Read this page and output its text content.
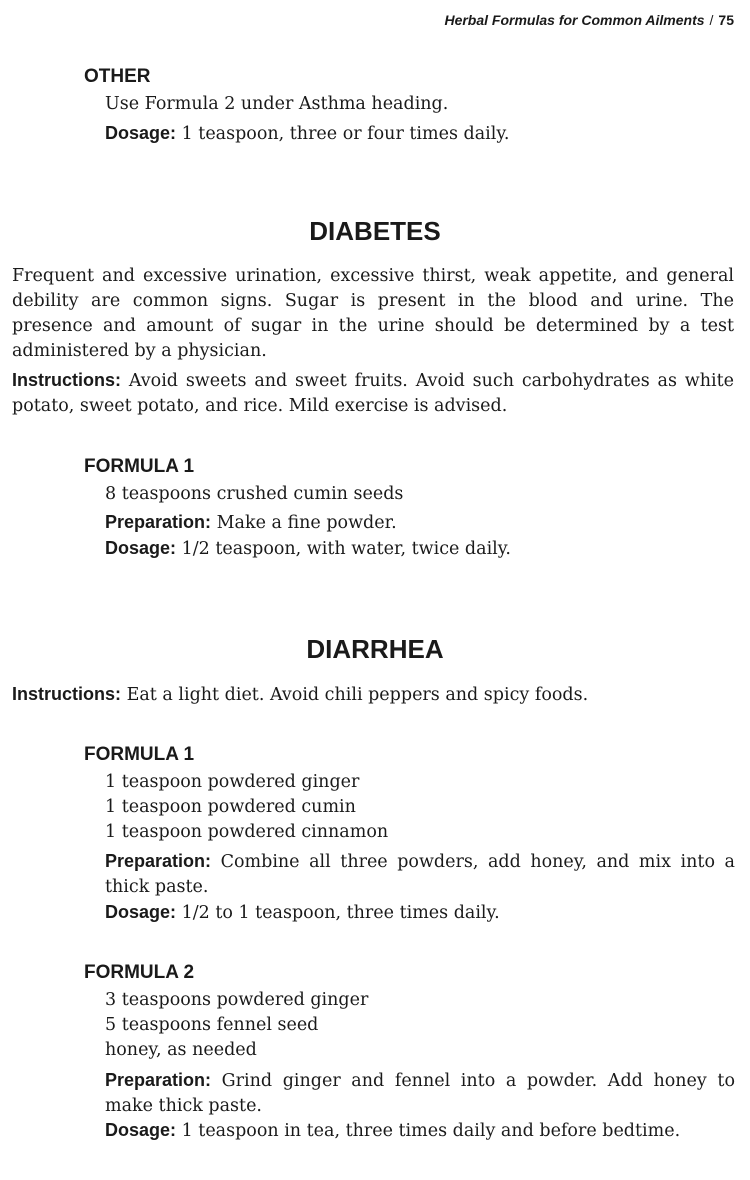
Herbal Formulas for Common Ailments / 75
OTHER
Use Formula 2 under Asthma heading.
Dosage: 1 teaspoon, three or four times daily.
DIABETES
Frequent and excessive urination, excessive thirst, weak appetite, and general debility are common signs. Sugar is present in the blood and urine. The presence and amount of sugar in the urine should be determined by a test administered by a physician.
Instructions: Avoid sweets and sweet fruits. Avoid such carbohydrates as white potato, sweet potato, and rice. Mild exercise is advised.
FORMULA 1
8 teaspoons crushed cumin seeds
Preparation: Make a fine powder.
Dosage: 1/2 teaspoon, with water, twice daily.
DIARRHEA
Instructions: Eat a light diet. Avoid chili peppers and spicy foods.
FORMULA 1
1 teaspoon powdered ginger
1 teaspoon powdered cumin
1 teaspoon powdered cinnamon
Preparation: Combine all three powders, add honey, and mix into a thick paste.
Dosage: 1/2 to 1 teaspoon, three times daily.
FORMULA 2
3 teaspoons powdered ginger
5 teaspoons fennel seed
honey, as needed
Preparation: Grind ginger and fennel into a powder. Add honey to make thick paste.
Dosage: 1 teaspoon in tea, three times daily and before bedtime.
